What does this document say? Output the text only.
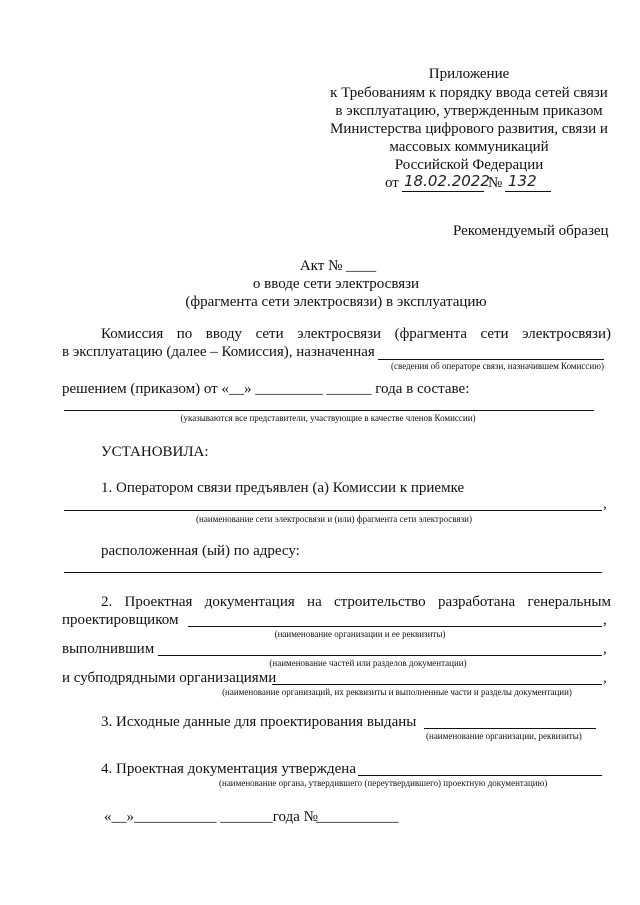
Приложение
к Требованиям к порядку ввода сетей связи
в эксплуатацию, утвержденным приказом
Министерства цифрового развития, связи и
массовых коммуникаций
Российской Федерации
от 18.02.2022
№ 132
Рекомендуемый образец
Акт № ____
о вводе сети электросвязи
(фрагмента сети электросвязи) в эксплуатацию
Комиссия по вводу сети электросвязи (фрагмента сети электросвязи)
в эксплуатацию (далее – Комиссия), назначенная
(сведения об операторе связи, назначившем Комиссию)
решением (приказом) от «__» _________ ______ года в составе:
(указываются все представители, участвующие в качестве членов Комиссии)
УСТАНОВИЛА:
1. Оператором связи предъявлен (а) Комиссии к приемке
,
(наименование сети электросвязи и (или) фрагмента сети электросвязи)
расположенная (ый) по адресу:
2. Проектная документация на строительство разработана генеральным
проектировщиком	,
(наименование организации и ее реквизиты)
выполнившим	,
(наименование частей или разделов документации)
и субподрядными организациями	,
(наименование организаций, их реквизиты и выполненные части и разделы документации)
3. Исходные данные для проектирования выданы
(наименование организации, реквизиты)
4. Проектная документация утверждена
(наименование органа, утвердившего (переутвердившего) проектную документацию)
«__»___________ _______года №
___________
